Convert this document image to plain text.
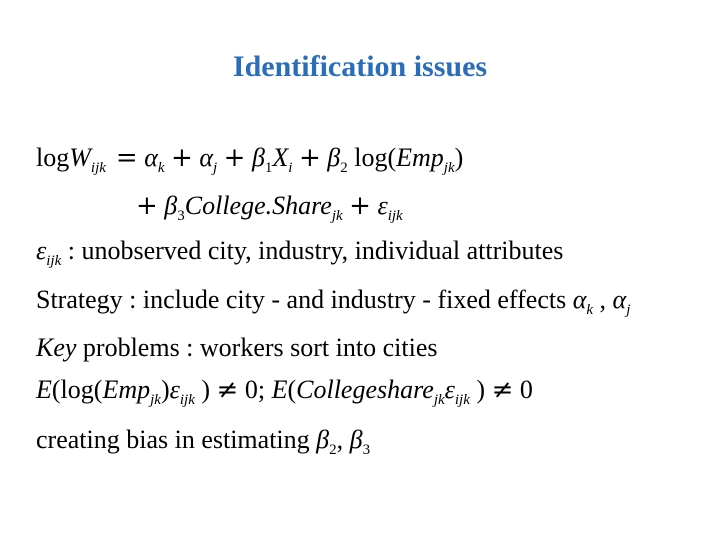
Identification issues
$\log W_{ijk} = \alpha_k + \alpha_j + \beta_1X_i + \beta_2$ log(Emp$_{jk}$)
+ $\beta_3College.Share_{jk} + \varepsilon_{ijk}$
$\varepsilon_{ijk}$ : unobserved city, industry, individual attributes
Strategy : include city - and industry - fixed effects $\alpha_k$ , $\alpha_j$
Key problems : workers sort into cities
$E(\log(Emp_{jk})\varepsilon_{ijk}$ ) ≠ 0; $E(Collegeshare_{jk}\varepsilon_{ijk}$ ) ≠ 0
creating bias in estimating $\beta_2$, $\beta_3$
